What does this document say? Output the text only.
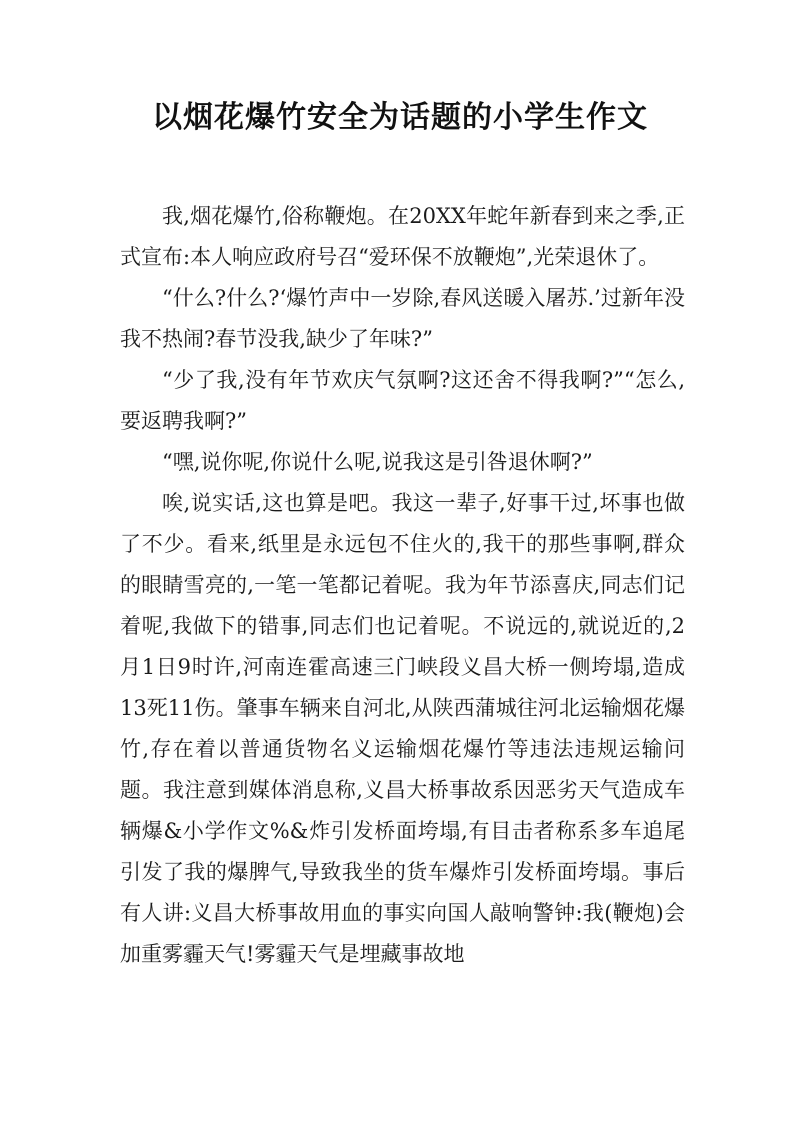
以烟花爆竹安全为话题的小学生作文

我,烟花爆竹,俗称鞭炮。在20XX年蛇年新春到来之季,正式宣布:本人响应政府号召“爱环保不放鞭炮”,光荣退休了。

“什么?什么?‘爆竹声中一岁除,春风送暖入屠苏.’过新年没我不热闹?春节没我,缺少了年味?”

“少了我,没有年节欢庆气氛啊?这还舍不得我啊?”“怎么,要返聘我啊?”

“嘿,说你呢,你说什么呢,说我这是引咎退休啊?”

唉,说实话,这也算是吧。我这一辈子,好事干过,坏事也做了不少。看来,纸里是永远包不住火的,我干的那些事啊,群众的眼睛雪亮的,一笔一笔都记着呢。我为年节添喜庆,同志们记着呢,我做下的错事,同志们也记着呢。不说远的,就说近的,2月1日9时许,河南连霍高速三门峡段义昌大桥一侧垮塌,造成13死11伤。肇事车辆来自河北,从陕西蒲城往河北运输烟花爆竹,存在着以普通货物名义运输烟花爆竹等违法违规运输问题。我注意到媒体消息称,义昌大桥事故系因恶劣天气造成车辆爆&小学作文%&炸引发桥面垮塌,有目击者称系多车追尾引发了我的爆脾气,导致我坐的货车爆炸引发桥面垮塌。事后有人讲:义昌大桥事故用血的事实向国人敲响警钟:我(鞭炮)会加重雾霾天气!雾霾天气是埋藏事故地
